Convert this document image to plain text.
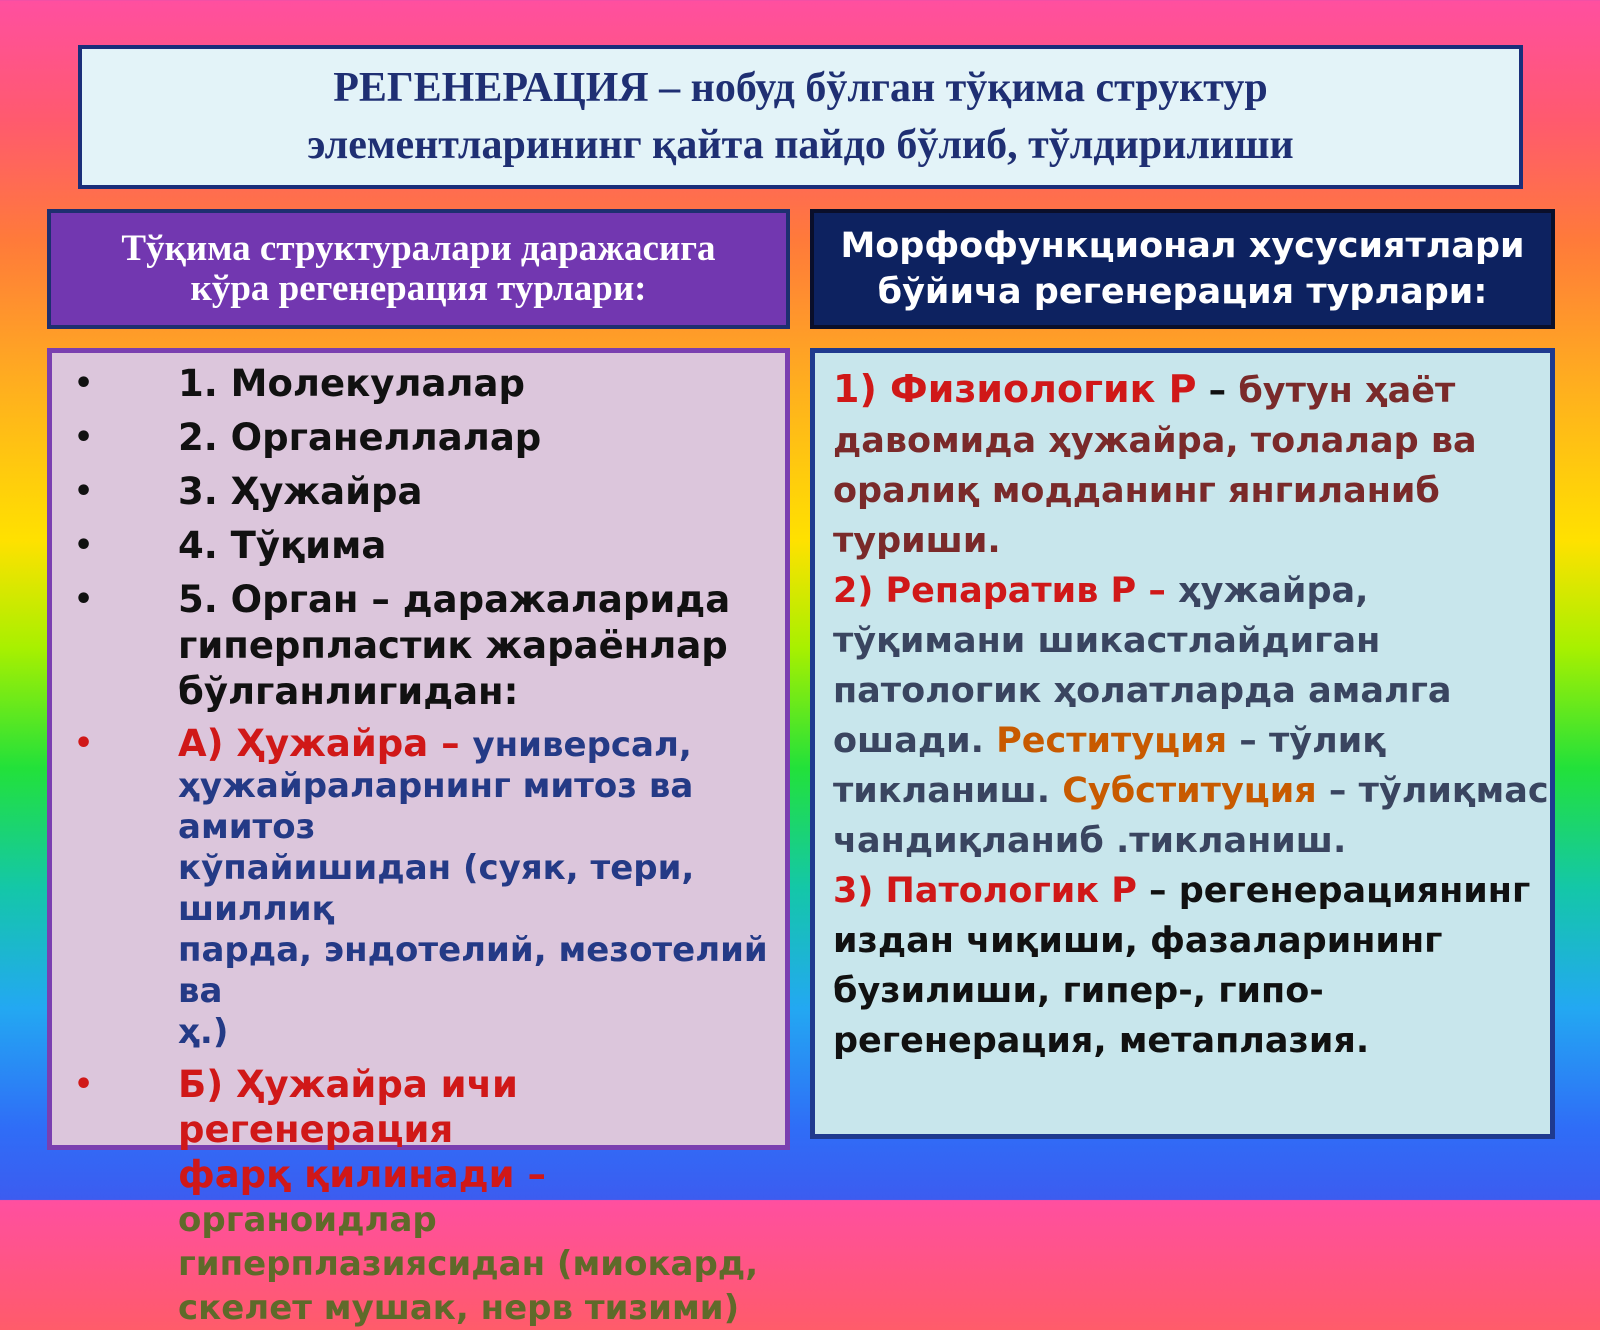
РЕГЕНЕРАЦИЯ – нобуд бўлган тўқима структур
элементларининг қайта пайдо бўлиб, тўлдирилиши
Тўқима структуралари даражасига
кўра регенерация турлари:
Морфофункционал хусусиятлари
бўйича регенерация турлари:
• 1. Молекулалар
• 2. Органеллалар
• 3. Ҳужайра
• 4. Тўқима
• 5. Орган – даражаларида
гиперпластик жараёнлар
бўлганлигидан:
• А) Ҳужайра – универсал,
ҳужайраларнинг митоз ва амитоз
кўпайишидан (суяк, тери, шиллиқ
парда, эндотелий, мезотелий ва
ҳ.)
• Б) Ҳужайра ичи регенерация
фарқ қилинади – органоидлар
гиперплазиясидан (миокард,
скелет мушак, нерв тизими)

1) Физиологик Р – бутун ҳаёт

давомида ҳужайра, толалар ва

оралиқ модданинг янгиланиб

туриши.

2) Репаратив Р – ҳужайра,

тўқимани шикастлайдиган

патологик ҳолатларда амалга

ошади. Реституция – тўлиқ

тикланиш. Субституция – тўлиқмас

чандиқланиб .тикланиш.

3) Патологик Р – регенерациянинг

издан чиқиши, фазаларининг

бузилиши, гипер-, гипо-

регенерация, метаплазия.
